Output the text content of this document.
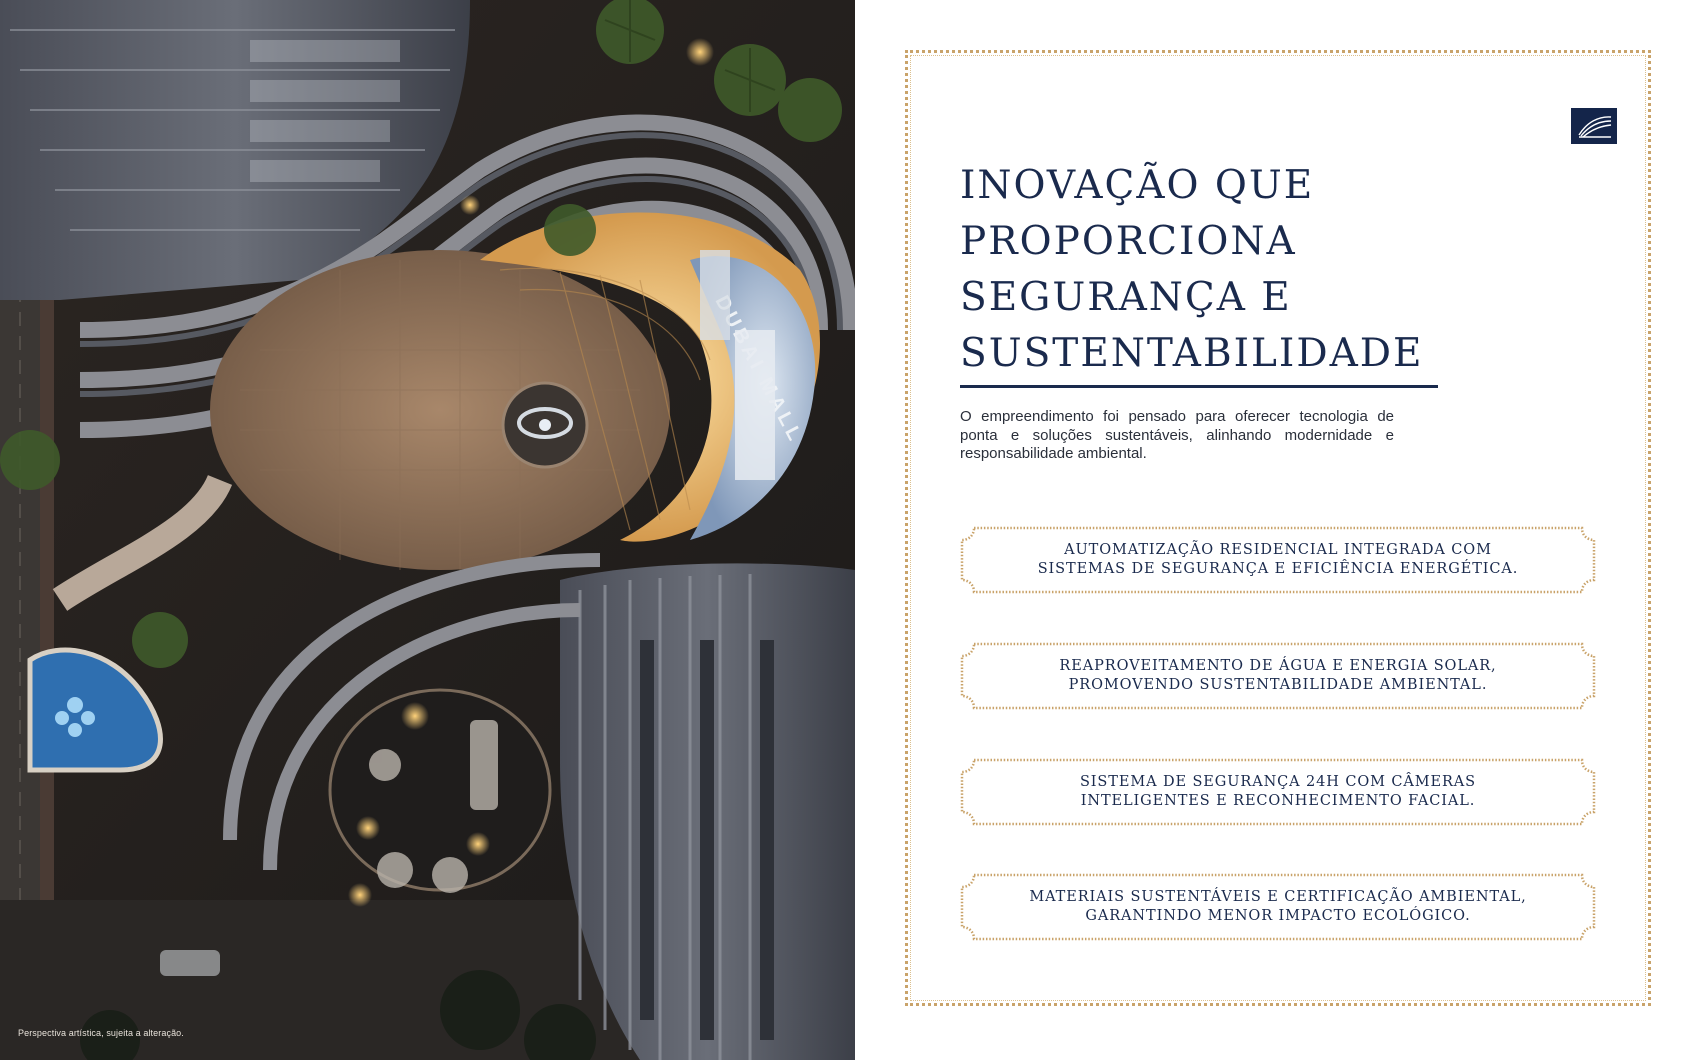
MALL
Perspectiva artística, sujeita a alteração.
INOVAÇÃO QUE
PROPORCIONA
SEGURANÇA E
SUSTENTABILIDADE

O empreendimento foi pensado para oferecer tecnologia de ponta e soluções sustentáveis, alinhando modernidade e responsabilidade ambiental.

AUTOMATIZAÇÃO RESIDENCIAL INTEGRADA COM
SISTEMAS DE SEGURANÇA E EFICIÊNCIA ENERGÉTICA.
REAPROVEITAMENTO DE ÁGUA E ENERGIA SOLAR,
PROMOVENDO SUSTENTABILIDADE AMBIENTAL.
SISTEMA DE SEGURANÇA 24H COM CÂMERAS
INTELIGENTES E RECONHECIMENTO FACIAL.
MATERIAIS SUSTENTÁVEIS E CERTIFICAÇÃO AMBIENTAL,
GARANTINDO MENOR IMPACTO ECOLÓGICO.
